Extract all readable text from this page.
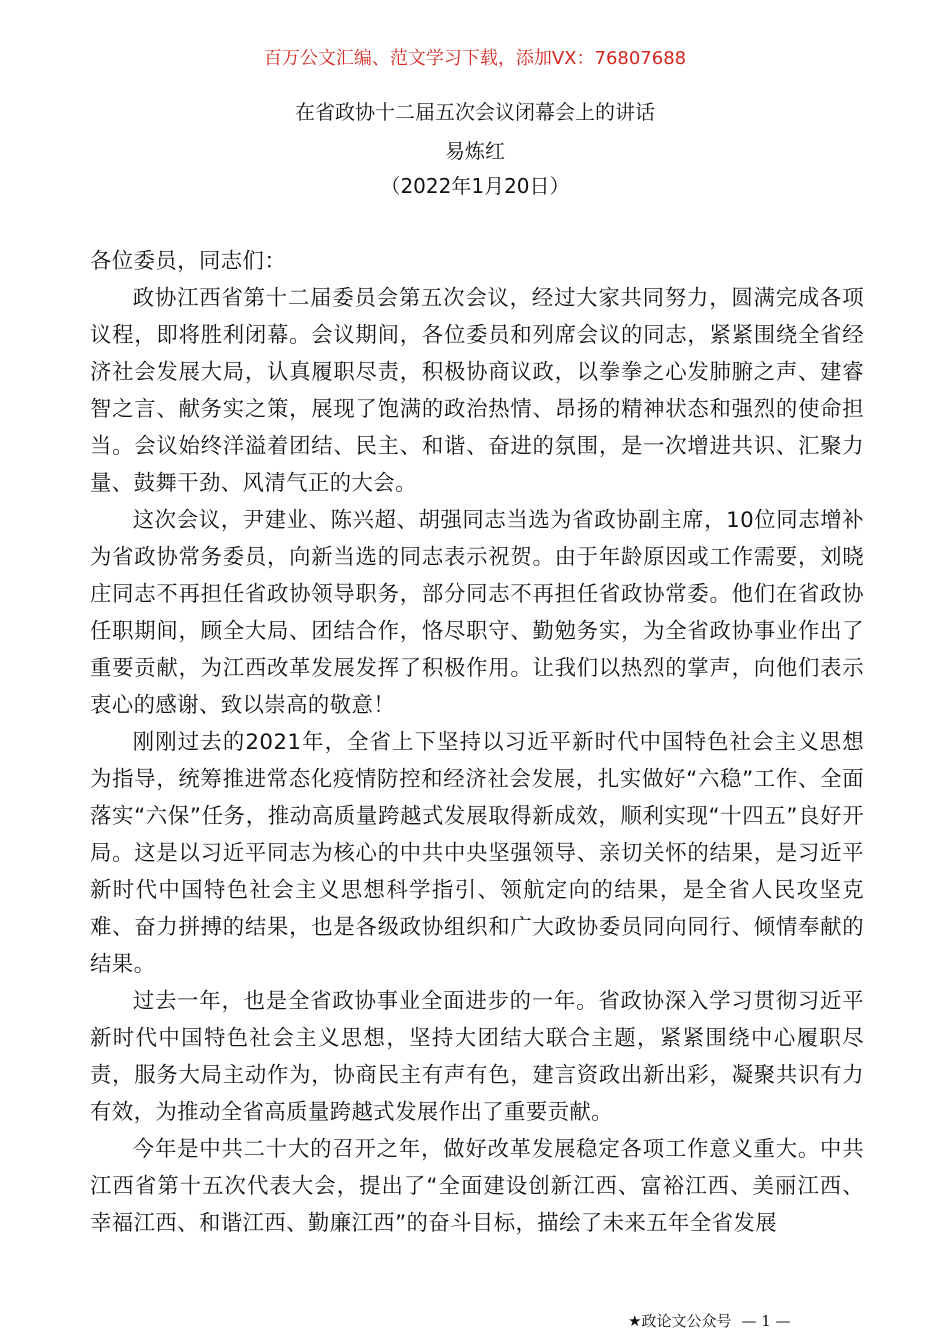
百万公文汇编、范文学习下载，添加VX：76807688
在省政协十二届五次会议闭幕会上的讲话
易炼红
（2022年1月20日）

各位委员，同志们：

政协江西省第十二届委员会第五次会议，经过大家共同努力，圆满完成各项议程，即将胜利闭幕。会议期间，各位委员和列席会议的同志，紧紧围绕全省经济社会发展大局，认真履职尽责，积极协商议政，以拳拳之心发肺腑之声、建睿智之言、献务实之策，展现了饱满的政治热情、昂扬的精神状态和强烈的使命担当。会议始终洋溢着团结、民主、和谐、奋进的氛围，是一次增进共识、汇聚力量、鼓舞干劲、风清气正的大会。

这次会议，尹建业、陈兴超、胡强同志当选为省政协副主席，10位同志增补为省政协常务委员，向新当选的同志表示祝贺。由于年龄原因或工作需要，刘晓庄同志不再担任省政协领导职务，部分同志不再担任省政协常委。他们在省政协任职期间，顾全大局、团结合作，恪尽职守、勤勉务实，为全省政协事业作出了重要贡献，为江西改革发展发挥了积极作用。让我们以热烈的掌声，向他们表示衷心的感谢、致以崇高的敬意！

刚刚过去的2021年，全省上下坚持以习近平新时代中国特色社会主义思想为指导，统筹推进常态化疫情防控和经济社会发展，扎实做好“六稳”工作、全面落实“六保”任务，推动高质量跨越式发展取得新成效，顺利实现“十四五”良好开局。这是以习近平同志为核心的中共中央坚强领导、亲切关怀的结果，是习近平新时代中国特色社会主义思想科学指引、领航定向的结果，是全省人民攻坚克难、奋力拼搏的结果，也是各级政协组织和广大政协委员同向同行、倾情奉献的结果。

过去一年，也是全省政协事业全面进步的一年。省政协深入学习贯彻习近平新时代中国特色社会主义思想，坚持大团结大联合主题，紧紧围绕中心履职尽责，服务大局主动作为，协商民主有声有色，建言资政出新出彩，凝聚共识有力有效，为推动全省高质量跨越式发展作出了重要贡献。

今年是中共二十大的召开之年，做好改革发展稳定各项工作意义重大。中共江西省第十五次代表大会，提出了“全面建设创新江西、富裕江西、美丽江西、幸福江西、和谐江西、勤廉江西”的奋斗目标，描绘了未来五年全省发展

★政论文公众号 — 1 —
